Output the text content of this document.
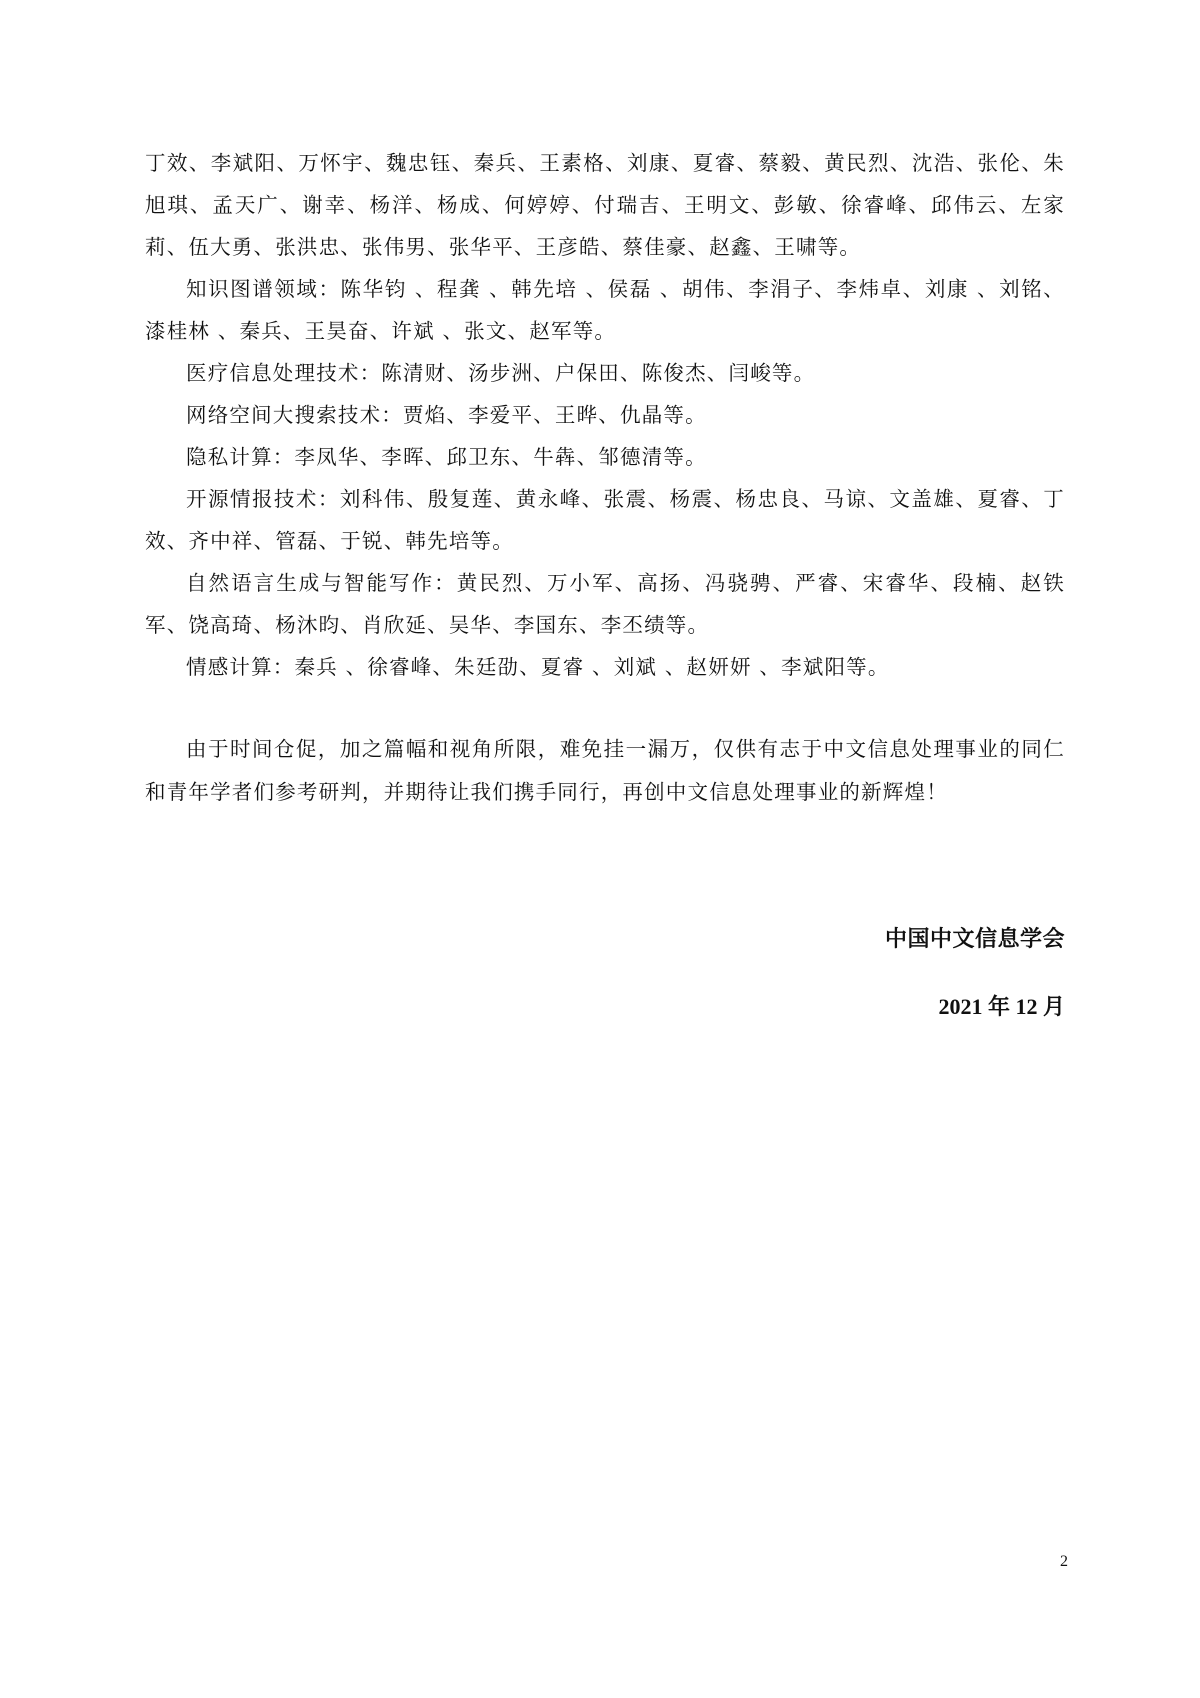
丁效、李斌阳、万怀宇、魏忠钰、秦兵、王素格、刘康、夏睿、蔡毅、黄民烈、沈浩、张伦、朱旭琪、孟天广、谢幸、杨洋、杨成、何婷婷、付瑞吉、王明文、彭敏、徐睿峰、邱伟云、左家莉、伍大勇、张洪忠、张伟男、张华平、王彦皓、蔡佳豪、赵鑫、王啸等。

知识图谱领域：陈华钧 、程龚 、韩先培 、侯磊 、胡伟、李涓子、李炜卓、刘康 、刘铭、漆桂林 、秦兵、王昊奋、许斌 、张文、赵军等。

医疗信息处理技术：陈清财、汤步洲、户保田、陈俊杰、闫峻等。

网络空间大搜索技术：贾焰、李爱平、王晔、仇晶等。

隐私计算：李凤华、李晖、邱卫东、牛犇、邹德清等。

开源情报技术：刘科伟、殷复莲、黄永峰、张震、杨震、杨忠良、马谅、文盖雄、夏睿、丁效、齐中祥、管磊、于锐、韩先培等。

自然语言生成与智能写作：黄民烈、万小军、高扬、冯骁骋、严睿、宋睿华、段楠、赵铁军、饶高琦、杨沐昀、肖欣延、吴华、李国东、李丕绩等。

情感计算：秦兵 、徐睿峰、朱廷劭、夏睿 、刘斌 、赵妍妍 、李斌阳等。

由于时间仓促，加之篇幅和视角所限，难免挂一漏万，仅供有志于中文信息处理事业的同仁和青年学者们参考研判，并期待让我们携手同行，再创中文信息处理事业的新辉煌！

中国中文信息学会
2021 年 12 月
2
